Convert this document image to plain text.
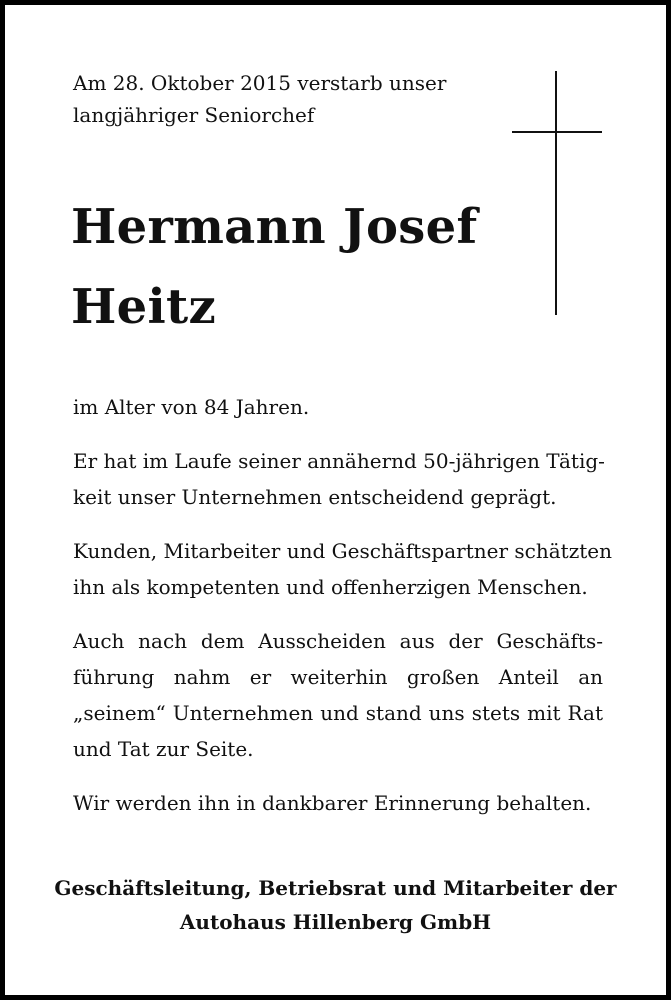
Am 28. Oktober 2015 verstarb unser
langjähriger Seniorchef
Hermann Josef
Heitz

im Alter von 84 Jahren.

Er hat im Laufe seiner annähernd 50-jährigen Tätig-
keit unser Unternehmen entscheidend geprägt.

Kunden, Mitarbeiter und Geschäftspartner schätzten
ihn als kompetenten und offenherzigen Menschen.

Auch nach dem Ausscheiden aus der Geschäfts-
führung nahm er weiterhin großen Anteil an
„seinem“ Unternehmen und stand uns stets mit Rat
und Tat zur Seite.

Wir werden ihn in dankbarer Erinnerung behalten.

Geschäftsleitung, Betriebsrat und Mitarbeiter der
Autohaus Hillenberg GmbH
